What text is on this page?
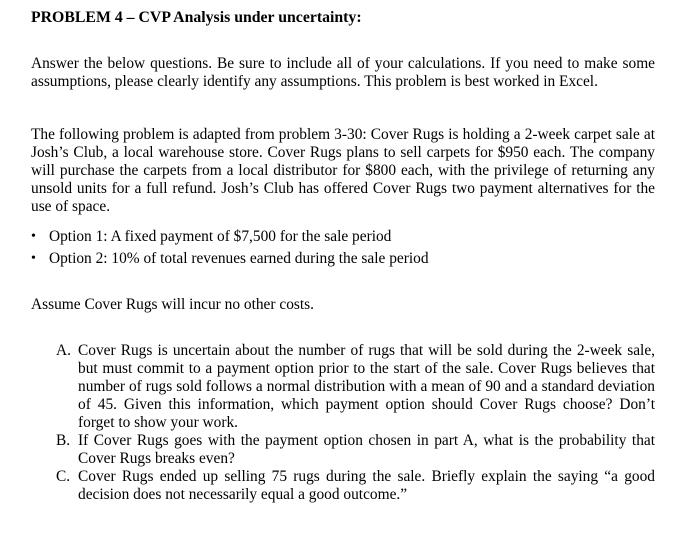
PROBLEM 4 – CVP Analysis under uncertainty:

Answer the below questions. Be sure to include all of your calculations. If you need to make some assumptions, please clearly identify any assumptions. This problem is best worked in Excel.

The following problem is adapted from problem 3-30: Cover Rugs is holding a 2-week carpet sale at Josh’s Club, a local warehouse store. Cover Rugs plans to sell carpets for $950 each. The company will purchase the carpets from a local distributor for $800 each, with the privilege of returning any unsold units for a full refund. Josh’s Club has offered Cover Rugs two payment alternatives for the use of space.

• Option 1: A fixed payment of $7,500 for the sale period
• Option 2: 10% of total revenues earned during the sale period

Assume Cover Rugs will incur no other costs.

A. Cover Rugs is uncertain about the number of rugs that will be sold during the 2-week sale, but must commit to a payment option prior to the start of the sale. Cover Rugs believes that number of rugs sold follows a normal distribution with a mean of 90 and a standard deviation of 45. Given this information, which payment option should Cover Rugs choose? Don’t forget to show your work.
B. If Cover Rugs goes with the payment option chosen in part A, what is the probability that Cover Rugs breaks even?
C. Cover Rugs ended up selling 75 rugs during the sale. Briefly explain the saying “a good decision does not necessarily equal a good outcome.”
